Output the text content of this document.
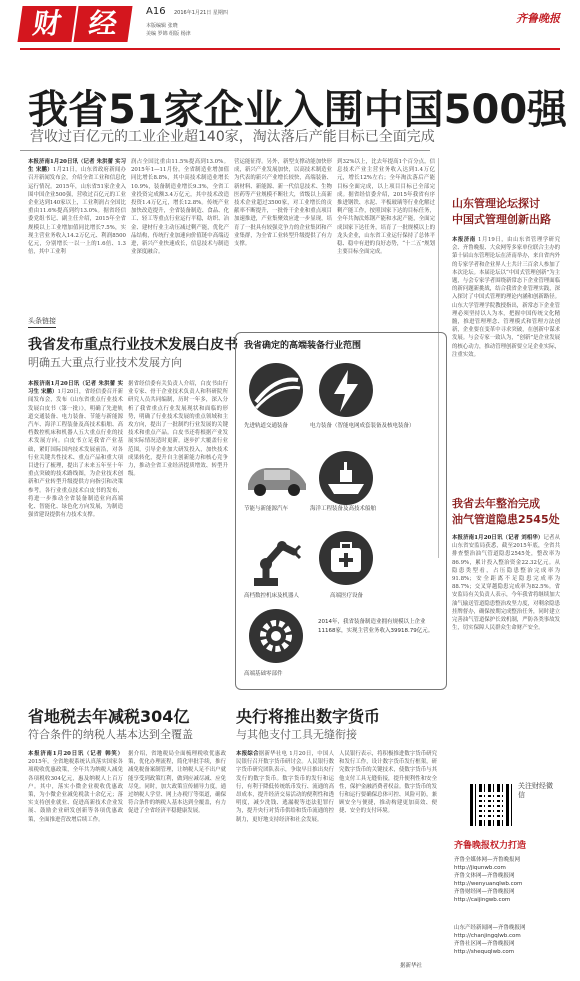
财 经	A16 2016年1月21日 星期四
本版编辑 张晓
美编 罗锦 组版 杨津
齐鲁晚报
我省51家企业入围中国500强
营收过百亿元的工业企业超140家，淘汰落后产能目标已全面完成
本报济南1月20日讯（记者 朱洪蕾 实习生 宋鹏）1月21日，山东省政府新闻办召开新闻发布会，介绍全省工业和信息化运行情况。2015年，山东省51家企业入围中国企业500强，营收过百亿元的工业企业达到140家以上，工业利润占全国比重由11.6%提高到约13.0%。据省经信委党组书记、副主任介绍，2015年全省规模以上工业增加值同比增长7.5%，实现主营业务收入14.2万亿元、利润8500亿元，分别增长一以一上的1.6倍、1.3倍，其中工业利
润占全国比重由11.5%提高到13.0%。2015年1—11月份，全省制造业增加值同比增长8.8%，其中高技术制造业增长10.9%，装备制造业增长9.3%，全省工业投资完成额3.4万亿元，其中技术改造投资1.4万亿元，增长12.8%。传统产业加快改造提升，全省装备制造、食品、化工、轻工等重点行业运行平稳，纺织、冶金、建材行业主动压减过剩产能，优化产品结构，传统行业加速向价值链中高端迈进，新兴产业快速成长，信息技术与制造业深度融合。
营运能征得。另外，新型支撑动能加快形成，新兴产业发展加快，以高技术制造业为代表的新兴产业增长较快，高端装备、新材料、新能源、新一代信息技术、生物医药等产业规模不断壮大，省级以上高新技术企业超过3500家，对工业增长的贡献率不断提升，一批骨干企业和重点项目加速推进，产业集聚效应进一步显现，培育了一批具有较强竞争力的企业集团和产业集群，为全省工业转型升级提供了有力支撑。
到32%以上，比去年提高1个百分点，信息技术产业主营业务收入达到1.4万亿元，增长12%左右；全年淘汰落后产能目标全面完成，以上项目目标已全部完成。据省经信委介绍，2015年我省有序推进钢铁、水泥、平板玻璃等行业化解过剩产能工作，按照国家下达的目标任务，全年共淘汰炼钢产能和水泥产能，全面完成国家下达任务，培育了一批规模以上的龙头企业，山东省工业运行保持了总体平稳、稳中有进的良好态势，“十二五”规划主要目标全面完成。
头条链接
我省发布重点行业技术发展白皮书
明确五大重点行业技术发展方向
本报济南1月20日讯（记者 朱洪蕾 实习生 宋鹏）1月20日，省经信委召开新闻发布会，发布《山东省重点行业技术发展白皮书（第一批）》，明确了先进轨道交通装备、电力装备、节能与新能源汽车、海洋工程装备及高技术船舶、高档数控机床和机器人五大重点行业的技术发展方向。白皮书立足我省产业基础，紧盯国际国内技术发展前沿，对各行业关键共性技术、重点产品和重大项目进行了梳理，提出了未来五年至十年重点突破的技术路线图，为企业技术创新和产业转型升级提供方向指引和决策参考。各行业重点技术白皮书的发布，将进一步推动全省装备制造业向高端化、智能化、绿色化方向发展，为制造强省建设提供有力技术支撑。
据省经信委有关负责人介绍，白皮书由行业专家、骨干企业技术负责人和科研院所研究人员共同编制，历时一年多，深入分析了我省重点行业发展现状和面临的形势，明确了行业技术发展的重点领域和主攻方向，提出了一批制约行业发展的关键技术和重点产品。白皮书还将根据产业发展实际情况适时更新，逐步扩大覆盖行业范围，引导企业加大研发投入，加快技术成果转化，提升自主创新能力和核心竞争力，推动全省工业经济提质增效、转型升级。
我省确定的高端装备行业范围
先进轨道交通装备	电力装备（智能电网成套装备及核电装备）
节能与新能源汽车	海洋工程装备及高技术船舶
高档数控机床及机器人	高端医疗设备
高端基础零部件
2014年，我省装备制造业拥有规模以上企业11168家，实现主营业务收入39918.79亿元。
山东管理论坛探讨
中国式管理创新出路
本报济南 1月19日，由山东省管理学研究会、齐鲁晚报、大众网等多家单位联合主办的第十届山东管理论坛在济南举办，来自省内外的专家学者和企业界人士共计三百余人参加了本次论坛。本届论坛以“中国式管理创新”为主题，与会专家学者围绕新常态下企业管理面临的新问题新挑战，结合我省企业管理实践，深入探讨了中国式管理的理论内涵和创新路径。山东大学管理学院教授指出，新常态下企业管理必须坚持以人为本，把握中国传统文化精髓，推进管理理念、管理模式和管理方法创新，企业要在变革中寻求突破，在创新中谋求发展。与会专家一致认为，“创新”是企业发展的核心动力，推动管理创新要立足企业实际，注重实效。
我省去年整治完成
油气管道隐患2545处
本报济南1月20日讯（记者 刘相华）记者从山东省安监局获悉，截至2015年底，全省共排查整治油气管道隐患2545处，整改率为86.9%，累计投入整治资金22.32亿元。从隐患类型看，占压隐患整治完成率为91.8%；安全距离不足隐患完成率为88.7%；交叉穿越隐患完成率为82.5%。省安监局有关负责人表示，今年我省将继续加大油气输送管道隐患整治攻坚力度，对剩余隐患挂牌督办，确保按期完成整治任务，同时建立完善油气管道保护长效机制，严防各类事故发生，切实保障人民群众生命财产安全。
省地税去年减税304亿
符合条件的纳税人基本达到全覆盖
本报济南1月20日讯（记者 韩笑）2015年，全省地税系统认真落实国家各项税收优惠政策，全年共为纳税人减免各项税收304亿元，惠及纳税人上百万户。其中，落实小微企业税收优惠政策，为小微企业减免税款十余亿元；落实支持创业就业、促进高新技术企业发展、鼓励企业研发创新等各项优惠政策，全面推进营改增后续工作。
据介绍，省地税局全面梳理税收优惠政策，优化办理流程，简化审批手续，推行减免税备案制管理，让纳税人足不出户就能享受到政策红利，做到应减尽减、应免尽免。同时，加大政策宣传辅导力度，通过纳税人学堂、网上办税厅等渠道，确保符合条件的纳税人基本达到全覆盖，有力促进了全省经济平稳健康发展。
央行将推出数字货币
与其他支付工具无缝衔接
本报综合据新华社电 1月20日，中国人民银行召开数字货币研讨会。人民银行数字货币研究团队表示，争取早日推出央行发行的数字货币。数字货币的发行和运行，有利于降低传统纸币发行、流通的高昂成本，提升经济交易活动的便利性和透明度，减少洗钱、逃漏税等违法犯罪行为，提升央行对货币供给和货币流通的控制力，更好地支持经济和社会发展。
人民银行表示，将积极推进数字货币研究和发行工作，设计数字货币发行框架，研究数字货币的关键技术，使数字货币与其他支付工具无缝衔接，提升便利性和安全性，保护金融消费者权益。数字货币的发行和运行要确保总体可控、风险可防，兼顾安全与便捷，推动构建更加高效、便捷、安全的支付环境。
据新华社
关注财经微信
齐鲁晚报权力打造
齐鲁全媒体网—齐鲁晚报网
http://jiqunwb.com
齐鲁文体网—齐鲁晚报网
http://wenyuanqlwb.com
齐鲁财经网—齐鲁晚报网
http://caijingwb.com
山东产经新闻网—齐鲁晚报网
http://chanjingqlwb.com
齐鲁社区网—齐鲁晚报网
http://shequqlwb.com
